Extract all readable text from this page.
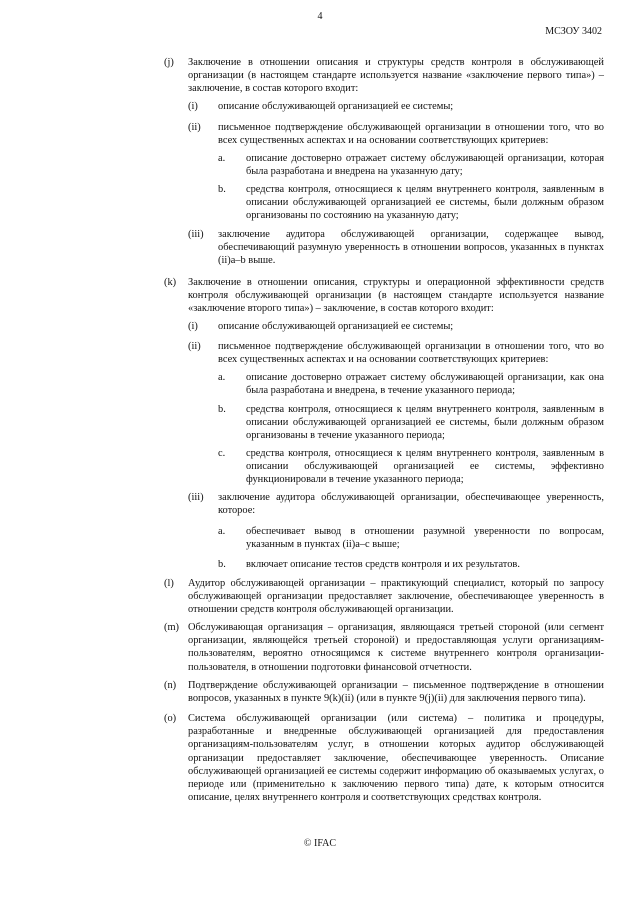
4
МСЗОУ 3402
(j) Заключение в отношении описания и структуры средств контроля в обслуживающей организации (в настоящем стандарте используется название «заключение первого типа») – заключение, в состав которого входит:
(i) описание обслуживающей организацией ее системы;
(ii) письменное подтверждение обслуживающей организации в отношении того, что во всех существенных аспектах и на основании соответствующих критериев:
a. описание достоверно отражает систему обслуживающей организации, которая была разработана и внедрена на указанную дату;
b. средства контроля, относящиеся к целям внутреннего контроля, заявленным в описании обслуживающей организацией ее системы, были должным образом организованы по состоянию на указанную дату;
(iii) заключение аудитора обслуживающей организации, содержащее вывод, обеспечивающий разумную уверенность в отношении вопросов, указанных в пунктах (ii)a–b выше.
(k) Заключение в отношении описания, структуры и операционной эффективности средств контроля обслуживающей организации (в настоящем стандарте используется название «заключение второго типа») – заключение, в состав которого входит:
(i) описание обслуживающей организацией ее системы;
(ii) письменное подтверждение обслуживающей организации в отношении того, что во всех существенных аспектах и на основании соответствующих критериев:
a. описание достоверно отражает систему обслуживающей организации, как она была разработана и внедрена, в течение указанного периода;
b. средства контроля, относящиеся к целям внутреннего контроля, заявленным в описании обслуживающей организацией ее системы, были должным образом организованы в течение указанного периода;
c. средства контроля, относящиеся к целям внутреннего контроля, заявленным в описании обслуживающей организацией ее системы, эффективно функционировали в течение указанного периода;
(iii) заключение аудитора обслуживающей организации, обеспечивающее уверенность, которое:
a. обеспечивает вывод в отношении разумной уверенности по вопросам, указанным в пунктах (ii)a–c выше;
b. включает описание тестов средств контроля и их результатов.
(l) Аудитор обслуживающей организации – практикующий специалист, который по запросу обслуживающей организации предоставляет заключение, обеспечивающее уверенность в отношении средств контроля обслуживающей организации.
(m) Обслуживающая организация – организация, являющаяся третьей стороной (или сегмент организации, являющейся третьей стороной) и предоставляющая услуги организациям-пользователям, вероятно относящимся к системе внутреннего контроля организации-пользователя, в отношении подготовки финансовой отчетности.
(n) Подтверждение обслуживающей организации – письменное подтверждение в отношении вопросов, указанных в пункте 9(k)(ii) (или в пункте 9(j)(ii) для заключения первого типа).
(o) Система обслуживающей организации (или система) – политика и процедуры, разработанные и внедренные обслуживающей организацией для предоставления организациям-пользователям услуг, в отношении которых аудитор обслуживающей организации предоставляет заключение, обеспечивающее уверенность. Описание обслуживающей организацией ее системы содержит информацию об оказываемых услугах, о периоде или (применительно к заключению первого типа) дате, к которым относится описание, целях внутреннего контроля и соответствующих средствах контроля.
© IFAC
